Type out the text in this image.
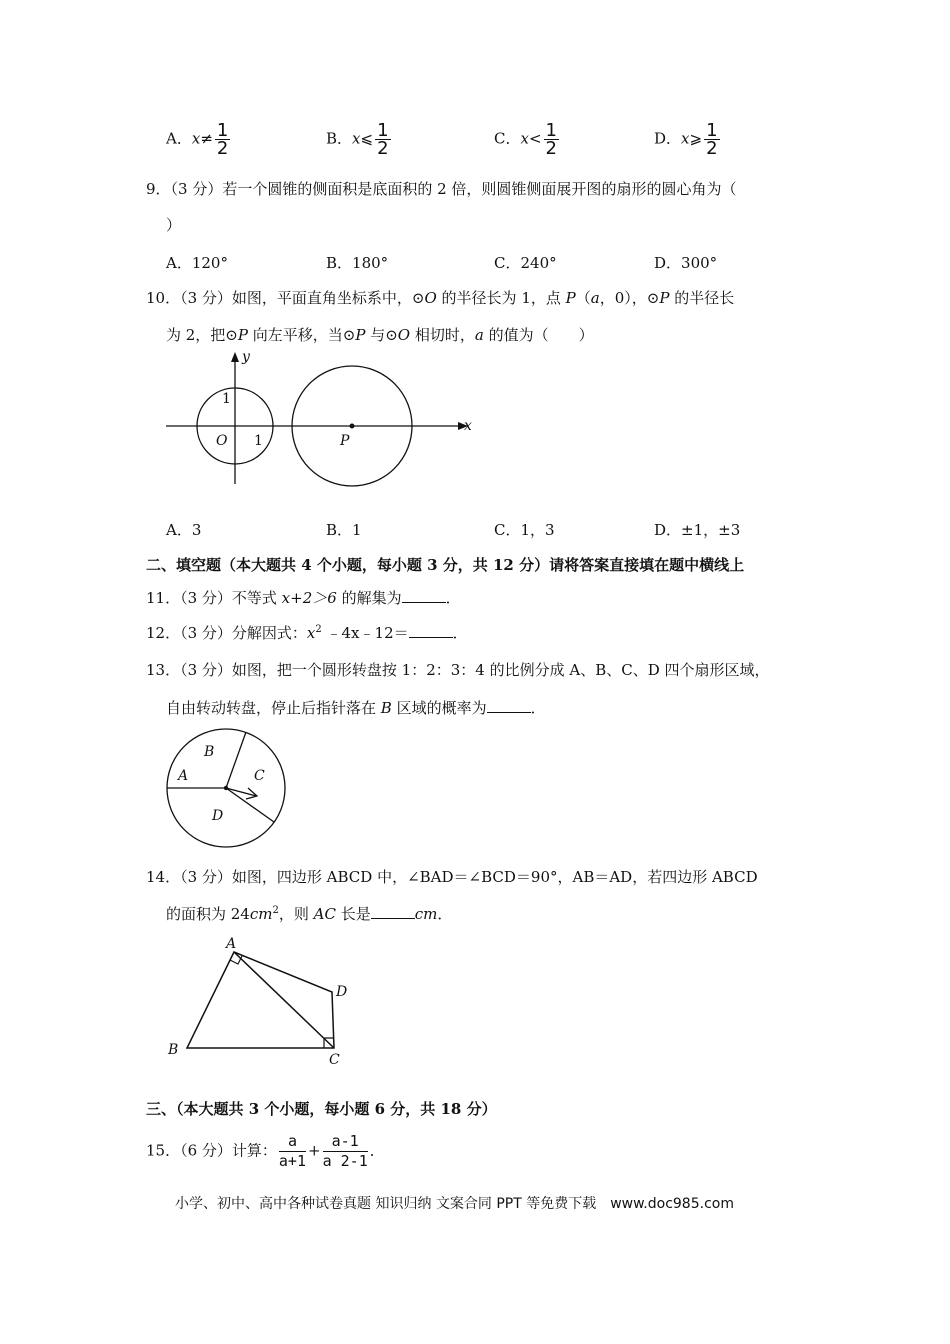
A．$x\ne \frac{1}{2}$	B．x⩽ $\frac{1}{2}$	C．$x< \frac{1}{2}$	D．x⩾ $\frac{1}{2}$
9．（3 分）若一个圆锥的侧面积是底面积的 2 倍，则圆锥侧面展开图的扇形的圆心角为（
）
A．120°	B．180°	C．240°	D．300°
10．（3 分）如图，平面直角坐标系中，⊙O 的半径长为 1，点 P（a，0），⊙P 的半径长
为 2，把⊙P 向左平移，当⊙P 与⊙O 相切时，a 的值为（　　）
y
x
1
1
O	P
A．3	B．1	C．1，3	D．±1，±3
二、填空题（本大题共 4 个小题，每小题 3 分，共 12 分）请将答案直接填在题中横线上
11．（3 分）不等式 x+2＞6 的解集为	．
12．（3 分）分解因式：$x^2$ ﹣4x﹣12＝	．
13．（3 分）如图，把一个圆形转盘按 1：2：3：4 的比例分成 A、B、C、D 四个扇形区域，
自由转动转盘，停止后指针落在 B 区域的概率为	．
B
A	C
D
14．（3 分）如图，四边形 ABCD 中，∠BAD＝∠BCD＝90°，AB＝AD，若四边形 ABCD
的面积为 $24cm^2$，则 AC 长是	cm．
A
B
C
D
三、（本大题共 3 个小题，每小题 6 分，共 18 分）
15．（6 分）计算： $\frac{a}{a+1} + \frac{a-1}{a 2-1}$ ．
小学、初中、高中各种试卷真题 知识归纳 文案合同 PPT 等免费下载　www.doc985.com
